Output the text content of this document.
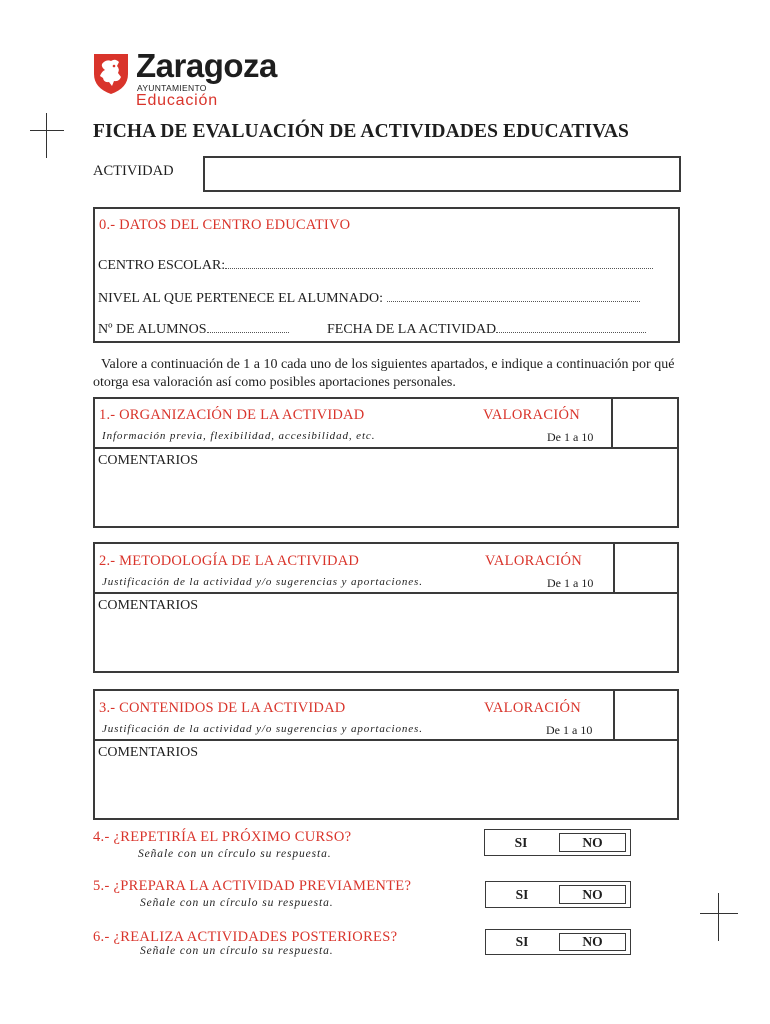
Zaragoza
AYUNTAMIENTO
Educación
FICHA DE EVALUACIÓN DE ACTIVIDADES EDUCATIVAS
ACTIVIDAD
0.- DATOS DEL CENTRO EDUCATIVO
CENTRO ESCOLAR:
NIVEL AL QUE PERTENECE EL ALUMNADO:
Nº DE ALUMNOS	FECHA DE LA ACTIVIDAD
Valore a continuación de 1 a 10 cada uno de los siguientes apartados, e indique a continuación por qué otorga esa valoración así como posibles aportaciones personales.
1.- ORGANIZACIÓN DE LA ACTIVIDAD
Información previa, flexibilidad, accesibilidad, etc.
VALORACIÓN
De 1 a 10
COMENTARIOS
2.- METODOLOGÍA DE LA ACTIVIDAD
Justificación de la actividad y/o sugerencias y aportaciones.
VALORACIÓN
De 1 a 10
COMENTARIOS
3.- CONTENIDOS DE LA ACTIVIDAD
Justificación de la actividad y/o sugerencias y aportaciones.
VALORACIÓN
De 1 a 10
COMENTARIOS
4.- ¿REPETIRÍA EL PRÓXIMO CURSO?
Señale con un círculo su respuesta.
SI	NO
5.- ¿PREPARA LA ACTIVIDAD PREVIAMENTE?
Señale con un círculo su respuesta.
SI	NO
6.- ¿REALIZA ACTIVIDADES POSTERIORES?
Señale con un círculo su respuesta.
SI	NO
